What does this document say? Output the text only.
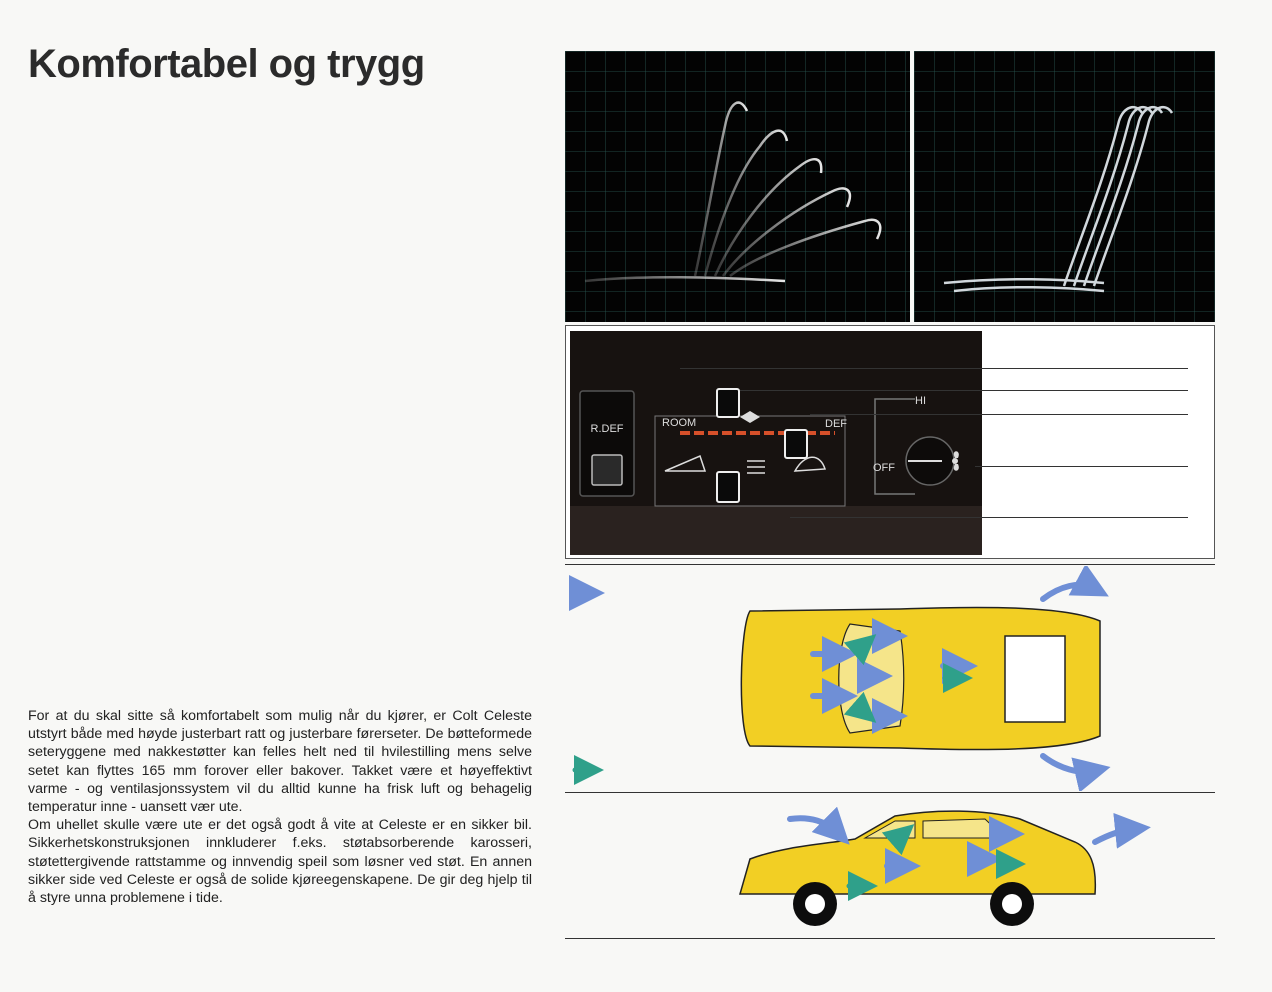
Komfortabel og trygg

For at du skal sitte så komfortabelt som mulig når du kjører, er Colt Celeste utstyrt både med høyde justerbart ratt og justerbare førerseter. De bøtteformede seteryggene med nakkestøtter kan felles helt ned til hvilestilling mens selve setet kan flyttes 165 mm forover eller bakover. Takket være et høyeffektivt varme - og ventilasjonssystem vil du alltid kunne ha frisk luft og behagelig temperatur inne - uansett vær ute.

Om uhellet skulle være ute er det også godt å vite at Celeste er en sikker bil. Sikkerhetskonstruksjonen innkluderer f.eks. støtabsorberende karosseri, støtettergivende rattstamme og innvendig speil som løsner ved støt. En annen sikker side ved Celeste er også de solide kjøreegenskapene. De gir deg hjelp til å styre unna problemene i tide.

R.DEF	ROOM	DEF
HI
OFF
